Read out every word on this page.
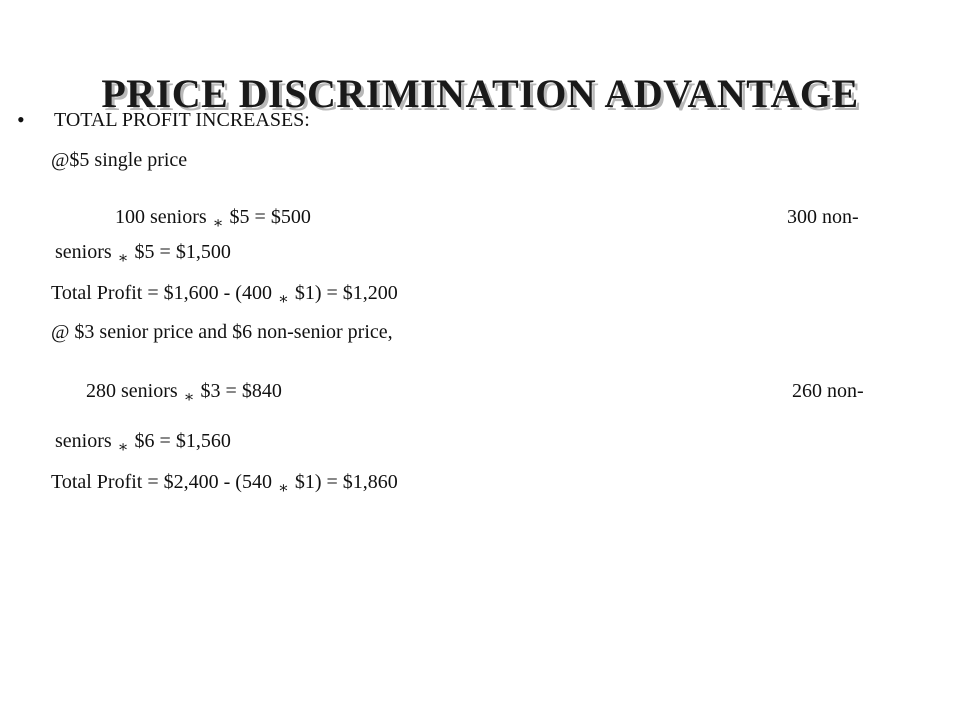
PRICE DISCRIMINATION ADVANTAGE
• TOTAL PROFIT INCREASES:
@$5 single price
100 seniors ∗ $5 = $500	300 non-
seniors ∗ $5 = $1,500
Total Profit = $1,600 - (400 ∗ $1) = $1,200
@ $3 senior price and $6 non-senior price,
280 seniors ∗ $3 = $840	260 non-
seniors ∗ $6 = $1,560
Total Profit = $2,400 - (540 ∗ $1) = $1,860
